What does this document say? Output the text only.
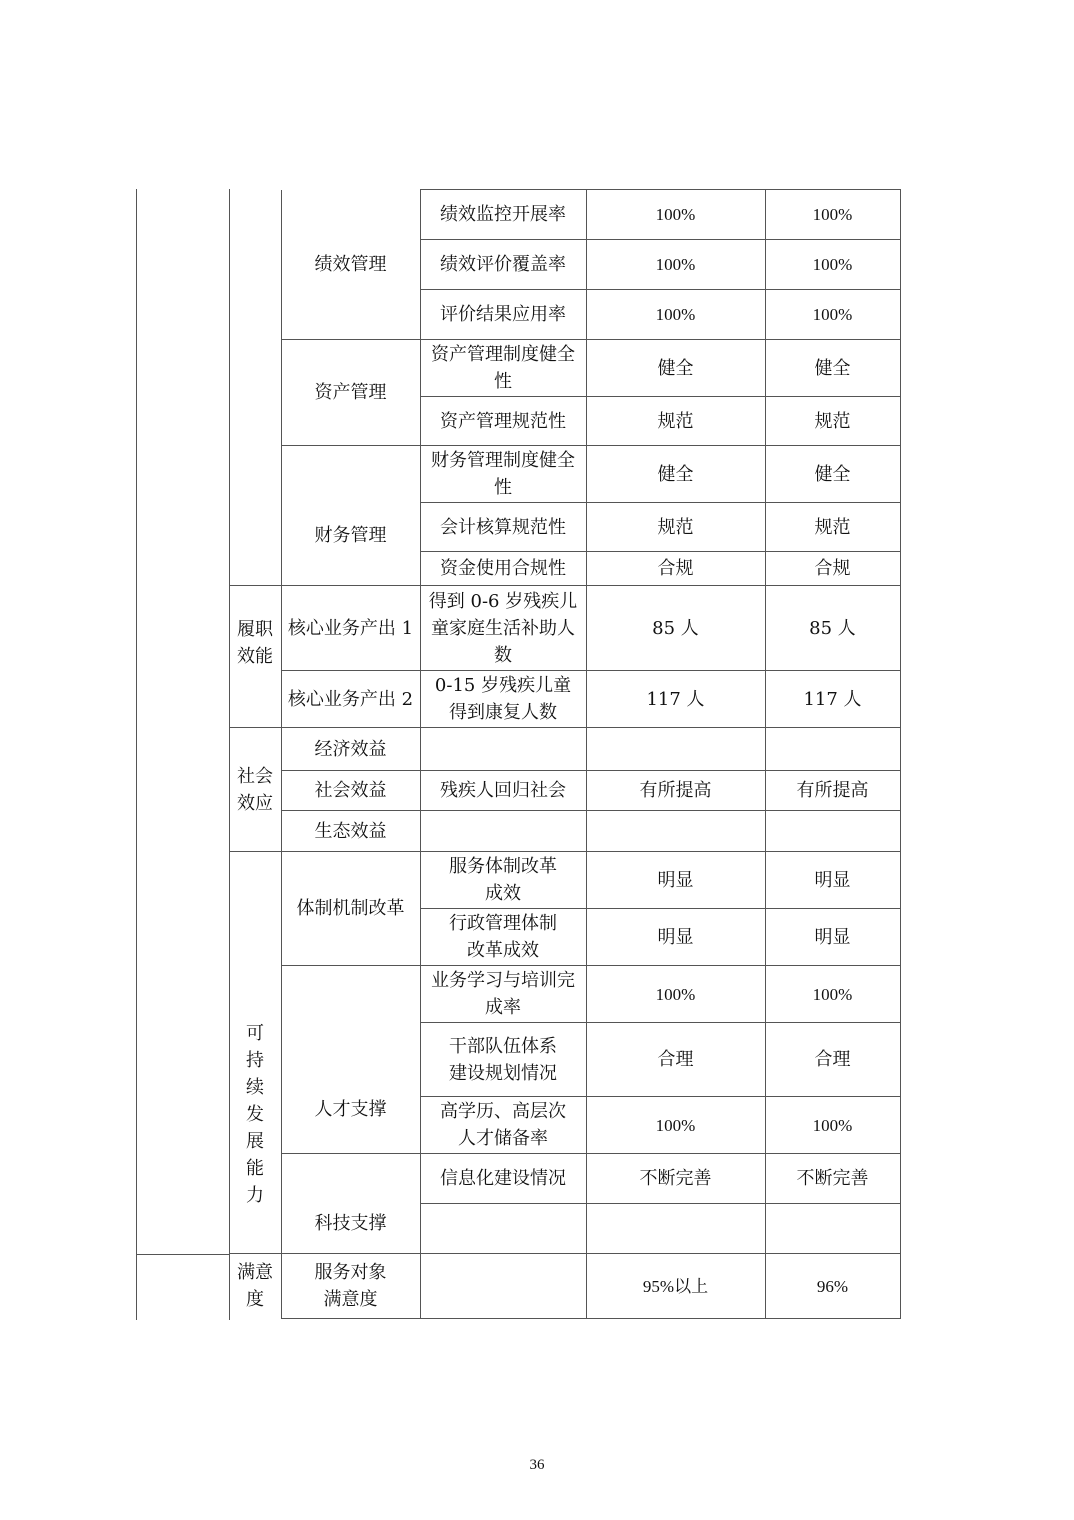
		绩效管理	绩效监控开展率	100%	100%
			绩效评价覆盖率	100%	100%
			评价结果应用率	100%	100%
		资产管理	资产管理制度健全性	健全	健全
			资产管理规范性	规范	规范
		财务管理	财务管理制度健全性	健全	健全
			会计核算规范性	规范	规范
			资金使用合规性	合规	合规
	履职效能	核心业务产出 1	得到 0-6 岁残疾儿童家庭生活补助人数	85 人	85 人
		核心业务产出 2	0-15 岁残疾儿童得到康复人数	117 人	117 人
	社会效应	经济效益			
		社会效益	残疾人回归社会	有所提高	有所提高
		生态效益			
	可持续发展能力	体制机制改革	服务体制改革成效	明显	明显
			行政管理体制改革成效	明显	明显
		人才支撑	业务学习与培训完成率	100%	100%
			干部队伍体系建设规划情况	合理	合理
			高学历、高层次人才储备率	100%	100%
		科技支撑	信息化建设情况	不断完善	不断完善

	满意度	服务对象满意度		95%以上	96%
36
